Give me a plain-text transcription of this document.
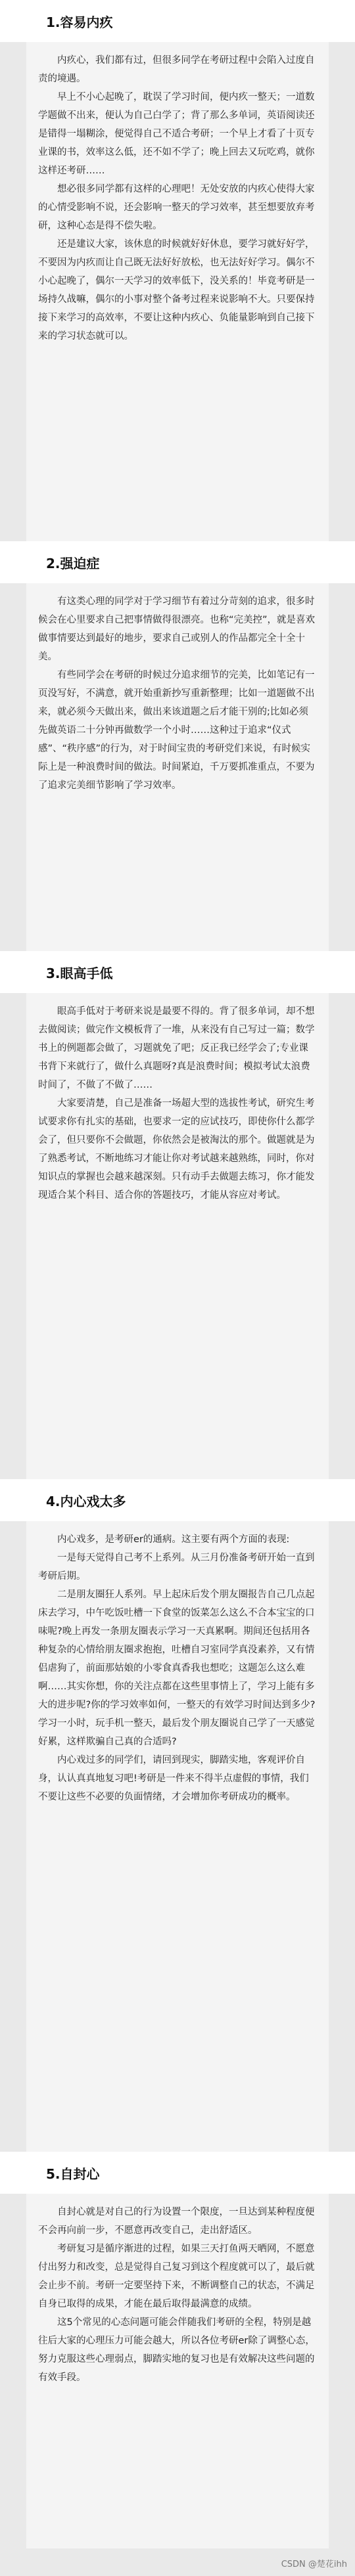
1.容易内疚

内疚心，我们都有过，但很多同学在考研过程中会陷入过度自责的境遇。

早上不小心起晚了，耽误了学习时间，便内疚一整天；一道数学题做不出来，便认为自己白学了；背了那么多单词，英语阅读还是错得一塌糊涂，便觉得自己不适合考研；一个早上才看了十页专业课的书，效率这么低，还不如不学了；晚上回去又玩吃鸡，就你这样还考研……

想必很多同学都有这样的心理吧！无处安放的内疚心使得大家的心情受影响不说，还会影响一整天的学习效率，甚至想要放弃考研，这种心态是得不偿失啦。

还是建议大家，该休息的时候就好好休息，要学习就好好学，不要因为内疚而让自己既无法好好放松，也无法好好学习。偶尔不小心起晚了，偶尔一天学习的效率低下，没关系的！毕竟考研是一场持久战嘛，偶尔的小事对整个备考过程来说影响不大。只要保持接下来学习的高效率，不要让这种内疚心、负能量影响到自己接下来的学习状态就可以。

2.强迫症

有这类心理的同学对于学习细节有着过分苛刻的追求，很多时候会在心里要求自己把事情做得很漂亮。也称“完美控”，就是喜欢做事情要达到最好的地步，要求自己或别人的作品都完全十全十美。

有些同学会在考研的时候过分追求细节的完美，比如笔记有一页没写好，不满意，就开始重新抄写重新整理；比如一道题做不出来，就必须今天做出来，做出来该道题之后才能干别的;比如必须先做英语二十分钟再做数学一个小时……这种过于追求“仪式感”、“秩序感”的行为，对于时间宝贵的考研党们来说，有时候实际上是一种浪费时间的做法。时间紧迫，千万要抓准重点，不要为了追求完美细节影响了学习效率。

3.眼高手低

眼高手低对于考研来说是最要不得的。背了很多单词，却不想去做阅读；做完作文模板背了一堆，从来没有自己写过一篇；数学书上的例题都会做了，习题就免了吧；反正我已经学会了;专业课书背下来就行了，做什么真题呀?真是浪费时间；模拟考试太浪费时间了，不做了不做了……

大家要清楚，自己是准备一场超大型的选拔性考试，研究生考试要求你有扎实的基础，也要求一定的应试技巧，即使你什么都学会了，但只要你不会做题，你依然会是被淘汰的那个。做题就是为了熟悉考试，不断地练习才能让你对考试越来越熟练，同时，你对知识点的掌握也会越来越深刻。只有动手去做题去练习，你才能发现适合某个科目、适合你的答题技巧，才能从容应对考试。

4.内心戏太多

内心戏多，是考研er的通病。这主要有两个方面的表现:

一是每天觉得自己考不上系列。从三月份准备考研开始一直到考研后期。

二是朋友圈狂人系列。早上起床后发个朋友圈报告自己几点起床去学习，中午吃饭吐槽一下食堂的饭菜怎么这么不合本宝宝的口味呢?晚上再发一条朋友圈表示学习一天真累啊。期间还包括用各种复杂的心情给朋友圈求抱抱，吐槽自习室同学真没素养，又有情侣虐狗了，前面那姑娘的小零食真香我也想吃；这题怎么这么难啊……其实你想，你的关注点都在这些里事情上了，学习上能有多大的进步呢?你的学习效率如何，一整天的有效学习时间达到多少?学习一小时，玩手机一整天，最后发个朋友圈说自己学了一天感觉好累，这样欺骗自己真的合适吗?

内心戏过多的同学们，请回到现实，脚踏实地，客观评价自身，认认真真地复习吧!考研是一件来不得半点虚假的事情，我们不要让这些不必要的负面情绪，才会增加你考研成功的概率。

5.自封心

自封心就是对自己的行为设置一个限度，一旦达到某种程度便不会再向前一步，不愿意再改变自己，走出舒适区。

考研复习是循序渐进的过程，如果三天打鱼两天晒网，不愿意付出努力和改变，总是觉得自己复习到这个程度就可以了，最后就会止步不前。考研一定要坚持下来，不断调整自己的状态，不满足自身已取得的成果，才能在最后取得最满意的成绩。

这5个常见的心态问题可能会伴随我们考研的全程，特别是越往后大家的心理压力可能会越大，所以各位考研er除了调整心态，努力克服这些心理弱点，脚踏实地的复习也是有效解决这些问题的有效手段。

CSDN @楚花ihh
